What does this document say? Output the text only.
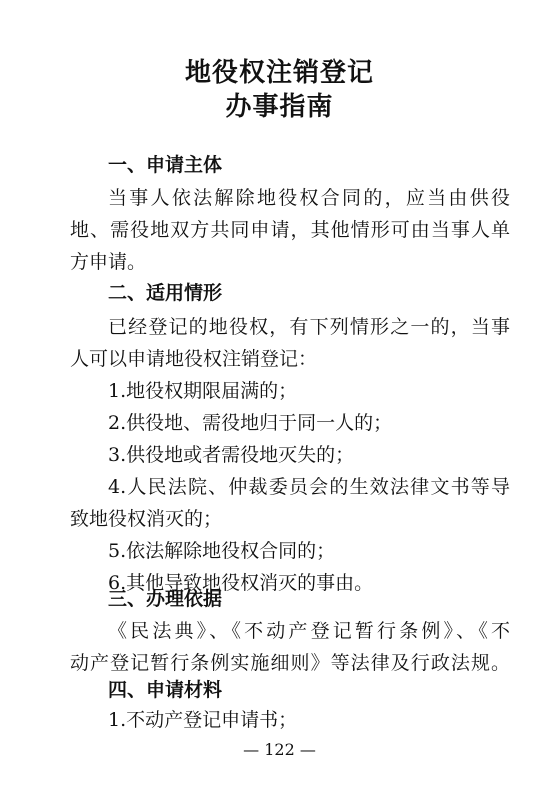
地役权注销登记
办事指南
一、申请主体
当事人依法解除地役权合同的，应当由供役
地、需役地双方共同申请，其他情形可由当事人单
方申请。
二、适用情形
已经登记的地役权，有下列情形之一的，当事
人可以申请地役权注销登记：
1.地役权期限届满的；
2.供役地、需役地归于同一人的；
3.供役地或者需役地灭失的；
4.人民法院、仲裁委员会的生效法律文书等导
致地役权消灭的；
5.依法解除地役权合同的；
6.其他导致地役权消灭的事由。
三、办理依据
《民法典》、《不动产登记暂行条例》、《不
动产登记暂行条例实施细则》等法律及行政法规。
— 122 —
四、申请材料
1.不动产登记申请书；
